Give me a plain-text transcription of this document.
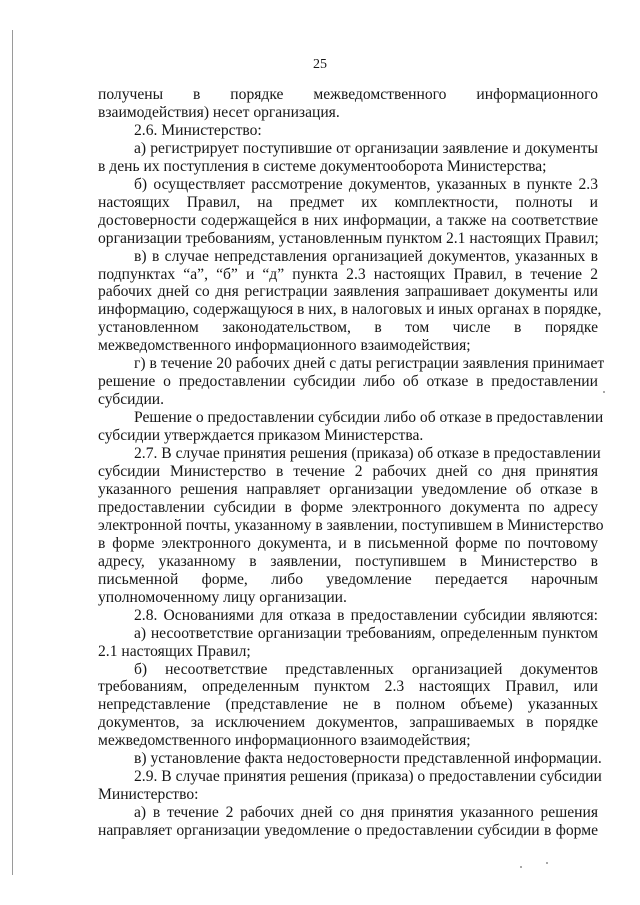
25
получены в порядке межведомственного информационного
взаимодействия) несет организация.
2.6. Министерство:
а) регистрирует поступившие от организации заявление и документы
в день их поступления в системе документооборота Министерства;
б) осуществляет рассмотрение документов, указанных в пункте 2.3
настоящих Правил, на предмет их комплектности, полноты и
достоверности содержащейся в них информации, а также на соответствие
организации требованиям, установленным пунктом 2.1 настоящих Правил;
в) в случае непредставления организацией документов, указанных в
подпунктах “а”, “б” и “д” пункта 2.3 настоящих Правил, в течение 2
рабочих дней со дня регистрации заявления запрашивает документы или
информацию, содержащуюся в них, в налоговых и иных органах в порядке,
установленном законодательством, в том числе в порядке
межведомственного информационного взаимодействия;
г) в течение 20 рабочих дней с даты регистрации заявления принимает
решение о предоставлении субсидии либо об отказе в предоставлении
субсидии.
Решение о предоставлении субсидии либо об отказе в предоставлении
субсидии утверждается приказом Министерства.
2.7. В случае принятия решения (приказа) об отказе в предоставлении
субсидии Министерство в течение 2 рабочих дней со дня принятия
указанного решения направляет организации уведомление об отказе в
предоставлении субсидии в форме электронного документа по адресу
электронной почты, указанному в заявлении, поступившем в Министерство
в форме электронного документа, и в письменной форме по почтовому
адресу, указанному в заявлении, поступившем в Министерство в
письменной форме, либо уведомление передается нарочным
уполномоченному лицу организации.
2.8. Основаниями для отказа в предоставлении субсидии являются:
а) несоответствие организации требованиям, определенным пунктом
2.1 настоящих Правил;
б) несоответствие представленных организацией документов
требованиям, определенным пунктом 2.3 настоящих Правил, или
непредставление (представление не в полном объеме) указанных
документов, за исключением документов, запрашиваемых в порядке
межведомственного информационного взаимодействия;
в) установление факта недостоверности представленной информации.
2.9. В случае принятия решения (приказа) о предоставлении субсидии
Министерство:
а) в течение 2 рабочих дней со дня принятия указанного решения
направляет организации уведомление о предоставлении субсидии в форме
